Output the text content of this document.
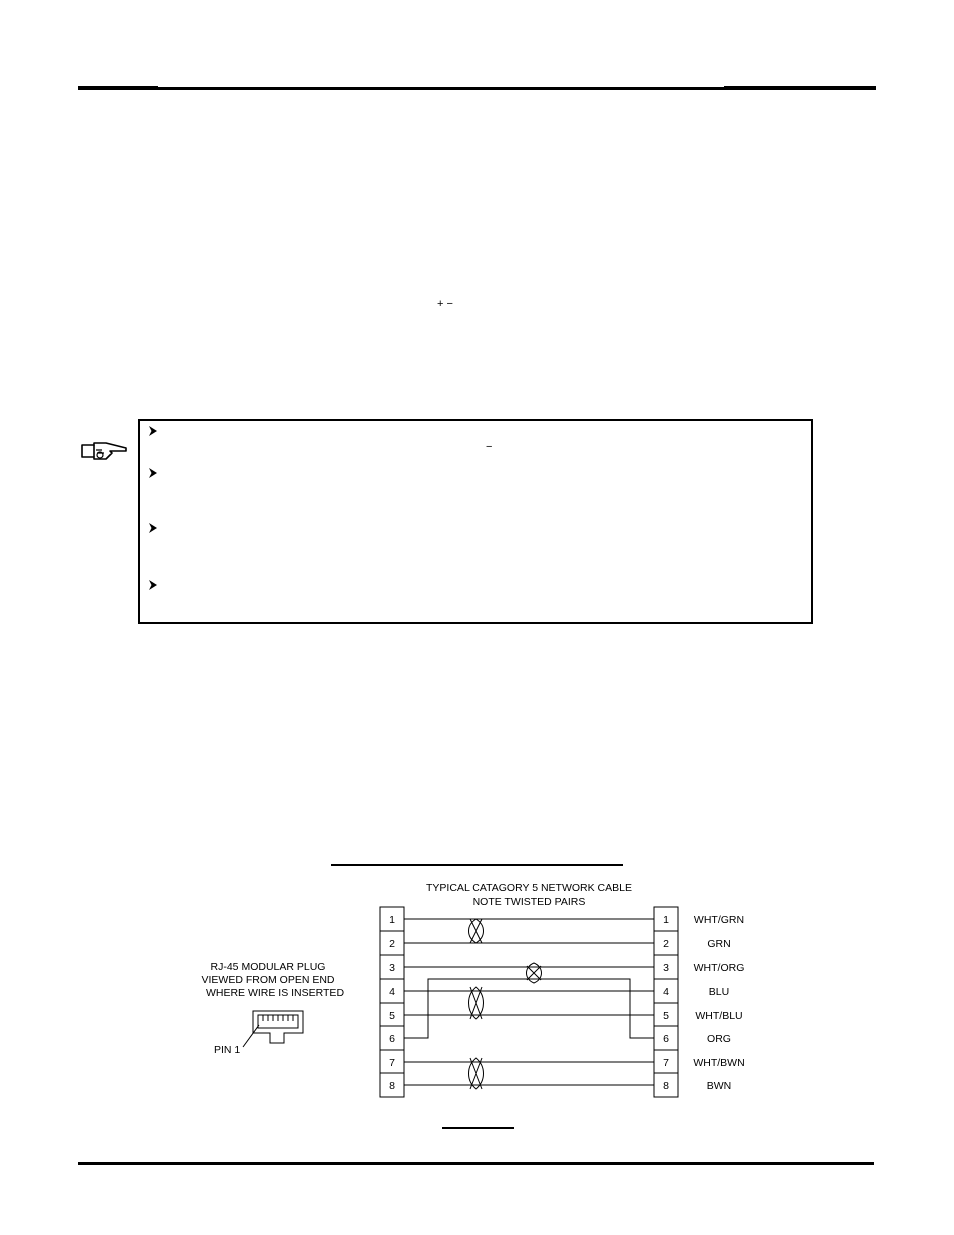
+ −
−
TYPICAL CATAGORY 5 NETWORK CABLE
NOTE TWISTED PAIRS
RJ-45 MODULAR PLUG
VIEWED FROM OPEN END
WHERE WIRE IS INSERTED
PIN 1
1
2
3
4
5
6
7
8
1
2
3
4
5
6
7
8
WHT/GRN
GRN
WHT/ORG
BLU
WHT/BLU
ORG
WHT/BWN
BWN
